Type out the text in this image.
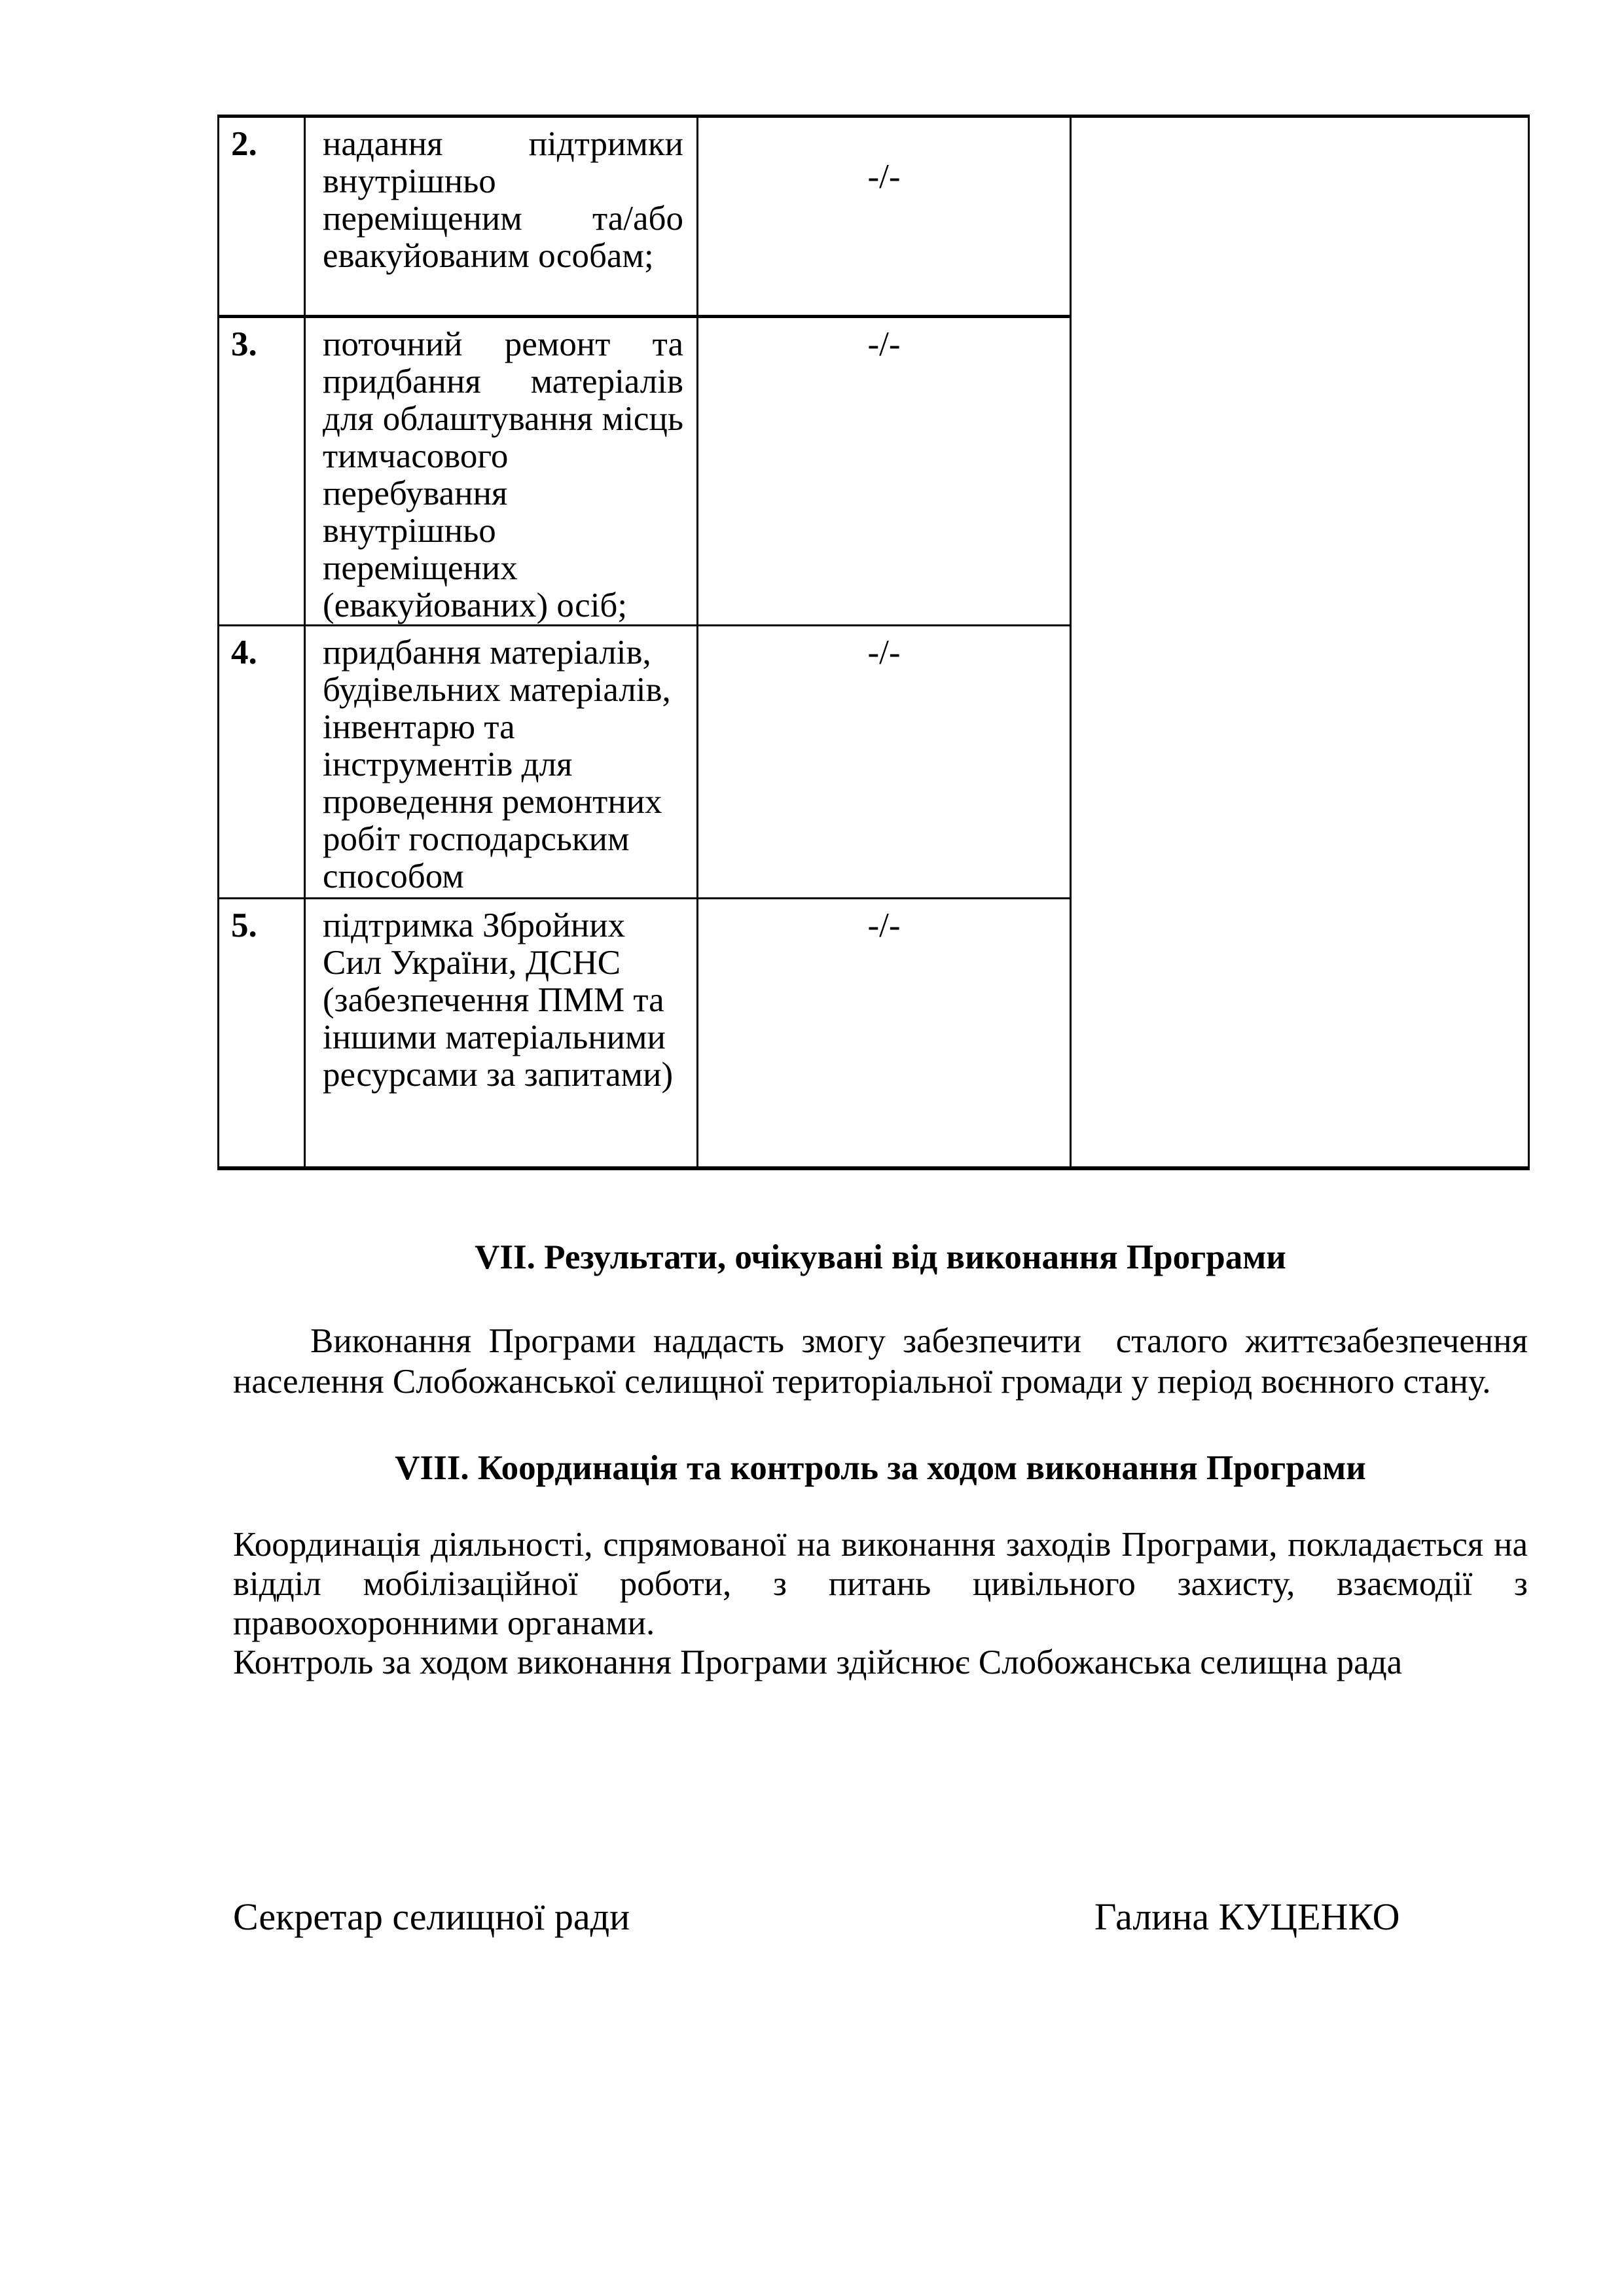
2.	надання підтримки внутрішньо переміщеним та/або евакуйованим особам;	-/-	
3.	поточний ремонт та придбання матеріалів для облаштування місць тимчасового перебування внутрішньо переміщених (евакуйованих) осіб;	-/-	
4.	придбання матеріалів, будівельних матеріалів, інвентарю та інструментів для проведення ремонтних робіт господарським способом	-/-	
5.	підтримка Збройних Сил України, ДСНС (забезпечення ПММ та іншими матеріальними ресурсами за запитами)	-/-	
VII. Результати, очікувані від виконання Програми
Виконання Програми наддасть змогу забезпечити  сталого життєзабезпечення населення Слобожанської селищної територіальної громади у період воєнного стану.
VIII. Координація та контроль за ходом виконання Програми

Координація діяльності, спрямованої на виконання заходів Програми, покладається на відділ мобілізаційної роботи, з питань цивільного захисту, взаємодії з правоохоронними органами.

Контроль за ходом виконання Програми здійснює Слобожанська селищна рада

Секретар селищної ради	Галина КУЦЕНКО
